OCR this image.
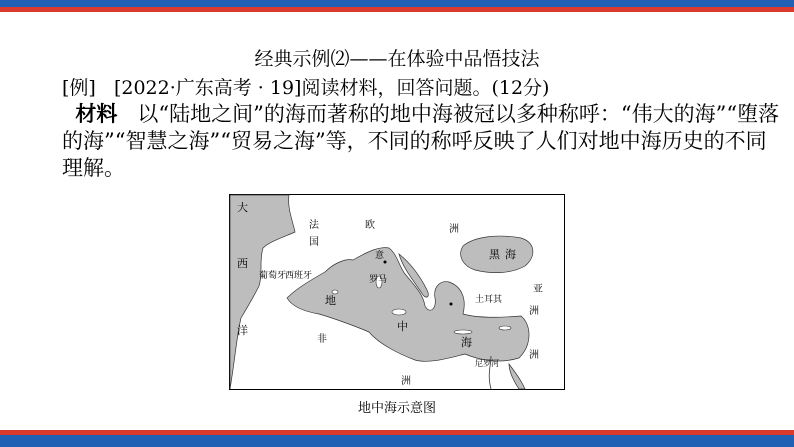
经典示例⑵——在体验中品悟技法
[例] [2022·广东高考 · 19]阅读材料，回答问题。(12分)
材料 以“陆地之间”的海而著称的地中海被冠以多种称呼：“伟大的海”“堕落的海”“智慧之海”“贸易之海”等，不同的称呼反映了人们对地中海历史的不同理解。
大
西
洋
法
国
欧	洲
葡萄牙
西班牙
意
罗马
黑 海
亚
洲
土耳其
地
中
海
非
洲
洲
尼罗河
地中海示意图
